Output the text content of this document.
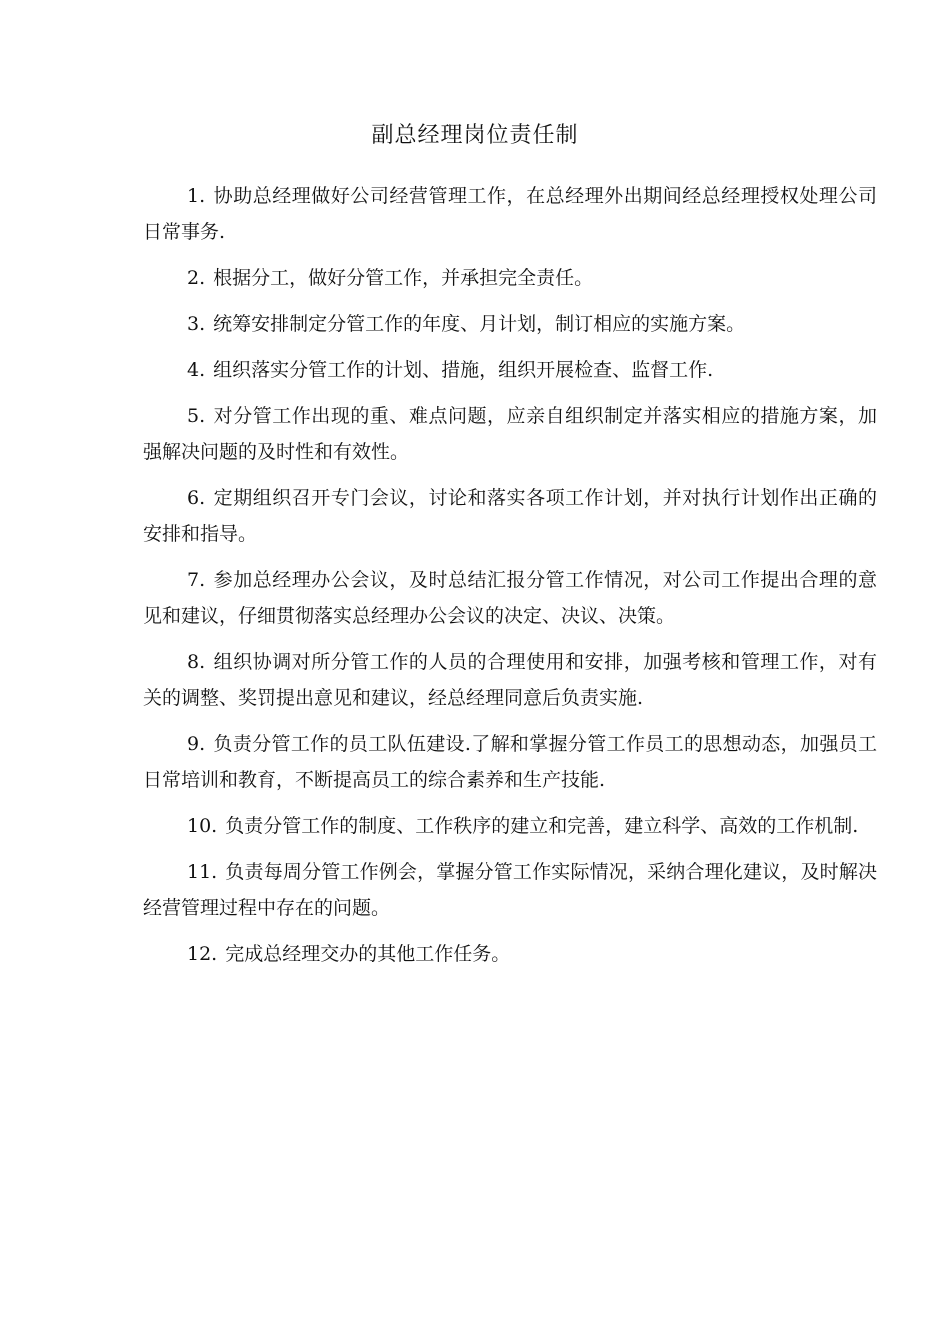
副总经理岗位责任制

1. 协助总经理做好公司经营管理工作，在总经理外出期间经总经理授权处理公司日常事务.

2. 根据分工，做好分管工作，并承担完全责任。

3. 统筹安排制定分管工作的年度、月计划，制订相应的实施方案。

4. 组织落实分管工作的计划、措施，组织开展检查、监督工作.

5. 对分管工作出现的重、难点问题，应亲自组织制定并落实相应的措施方案，加强解决问题的及时性和有效性。

6. 定期组织召开专门会议，讨论和落实各项工作计划，并对执行计划作出正确的安排和指导。

7. 参加总经理办公会议，及时总结汇报分管工作情况，对公司工作提出合理的意见和建议，仔细贯彻落实总经理办公会议的决定、决议、决策。

8. 组织协调对所分管工作的人员的合理使用和安排，加强考核和管理工作，对有关的调整、奖罚提出意见和建议，经总经理同意后负责实施.

9. 负责分管工作的员工队伍建设.了解和掌握分管工作员工的思想动态，加强员工日常培训和教育，不断提高员工的综合素养和生产技能.

10. 负责分管工作的制度、工作秩序的建立和完善，建立科学、高效的工作机制.

11. 负责每周分管工作例会，掌握分管工作实际情况，采纳合理化建议，及时解决经营管理过程中存在的问题。

12. 完成总经理交办的其他工作任务。
